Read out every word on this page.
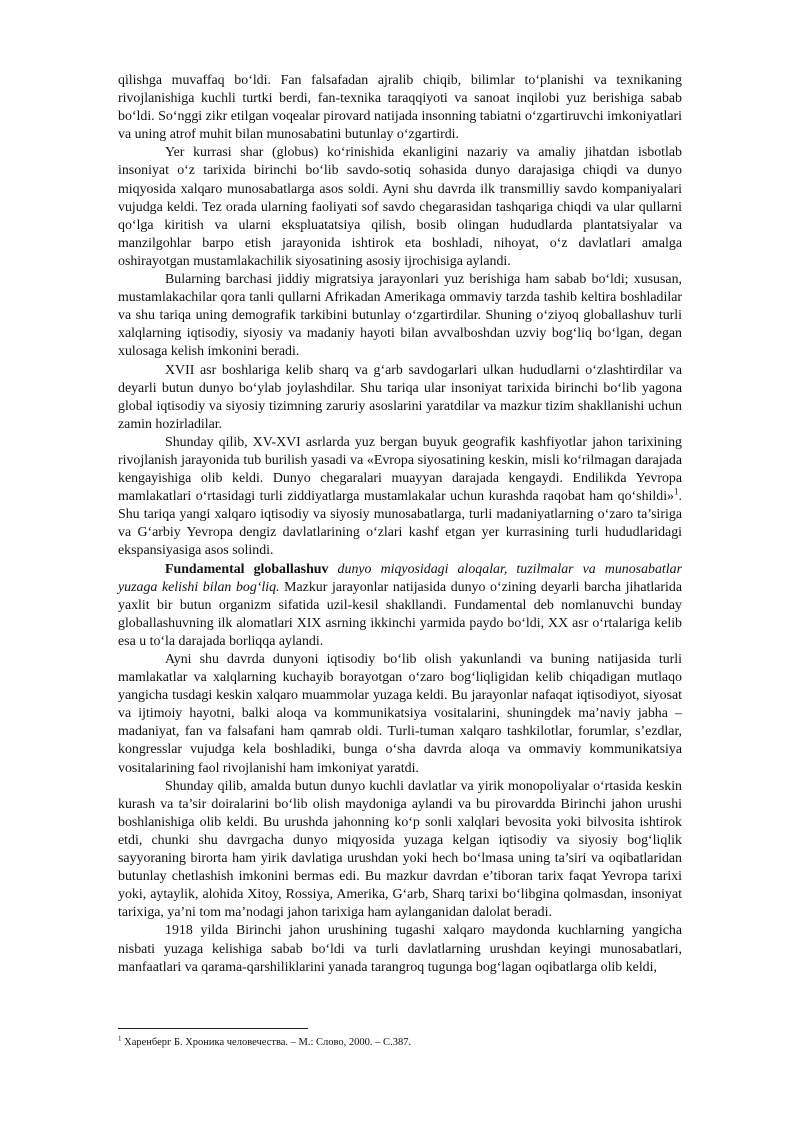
qilishga muvaffaq bo‘ldi. Fan falsafadan ajralib chiqib, bilimlar to‘planishi va texnikaning rivojlanishiga kuchli turtki berdi, fan-texnika taraqqiyoti va sanoat inqilobi yuz berishiga sabab bo‘ldi. So‘nggi zikr etilgan voqealar pirovard natijada insonning tabiatni o‘zgartiruvchi imkoniyatlari va uning atrof muhit bilan munosabatini butunlay o‘zgartirdi.

Yer kurrasi shar (globus) ko‘rinishida ekanligini nazariy va amaliy jihatdan isbotlab insoniyat o‘z tarixida birinchi bo‘lib savdo-sotiq sohasida dunyo darajasiga chiqdi va dunyo miqyosida xalqaro munosabatlarga asos soldi. Ayni shu davrda ilk transmilliy savdo kompaniyalari vujudga keldi. Tez orada ularning faoliyati sof savdo chegarasidan tashqariga chiqdi va ular qullarni qo‘lga kiritish va ularni ekspluatatsiya qilish, bosib olingan hududlarda plantatsiyalar va manzilgohlar barpo etish jarayonida ishtirok eta boshladi, nihoyat, o‘z davlatlari amalga oshirayotgan mustamlakachilik siyosatining asosiy ijrochisiga aylandi.

Bularning barchasi jiddiy migratsiya jarayonlari yuz berishiga ham sabab bo‘ldi; xususan, mustamlakachilar qora tanli qullarni Afrikadan Amerikaga ommaviy tarzda tashib keltira boshladilar va shu tariqa uning demografik tarkibini butunlay o‘zgartirdilar. Shuning o‘ziyoq globallashuv turli xalqlarning iqtisodiy, siyosiy va madaniy hayoti bilan avvalboshdan uzviy bog‘liq bo‘lgan, degan xulosaga kelish imkonini beradi.

XVII asr boshlariga kelib sharq va g‘arb savdogarlari ulkan hududlarni o‘zlashtirdilar va deyarli butun dunyo bo‘ylab joylashdilar. Shu tariqa ular insoniyat tarixida birinchi bo‘lib yagona global iqtisodiy va siyosiy tizimning zaruriy asoslarini yaratdilar va mazkur tizim shakllanishi uchun zamin hozirladilar.

Shunday qilib, XV-XVI asrlarda yuz bergan buyuk geografik kashfiyotlar jahon tarixining rivojlanish jarayonida tub burilish yasadi va «Evropa siyosatining keskin, misli ko‘rilmagan darajada kengayishiga olib keldi. Dunyo chegaralari muayyan darajada kengaydi. Endilikda Yevropa mamlakatlari o‘rtasidagi turli ziddiyatlarga mustamlakalar uchun kurashda raqobat ham qo‘shildi»$^1$. Shu tariqa yangi xalqaro iqtisodiy va siyosiy munosabatlarga, turli madaniyatlarning o‘zaro ta’siriga va G‘arbiy Yevropa dengiz davlatlarining o‘zlari kashf etgan yer kurrasining turli hududlaridagi ekspansiyasiga asos solindi.

Fundamental globallashuv dunyo miqyosidagi aloqalar, tuzilmalar va munosabatlar yuzaga kelishi bilan bog‘liq. Mazkur jarayonlar natijasida dunyo o‘zining deyarli barcha jihatlarida yaxlit bir butun organizm sifatida uzil-kesil shakllandi. Fundamental deb nomlanuvchi bunday globallashuvning ilk alomatlari XIX asrning ikkinchi yarmida paydo bo‘ldi, XX asr o‘rtalariga kelib esa u to‘la darajada borliqqa aylandi.

Ayni shu davrda dunyoni iqtisodiy bo‘lib olish yakunlandi va buning natijasida turli mamlakatlar va xalqlarning kuchayib borayotgan o‘zaro bog‘liqligidan kelib chiqadigan mutlaqo yangicha tusdagi keskin xalqaro muammolar yuzaga keldi. Bu jarayonlar nafaqat iqtisodiyot, siyosat va ijtimoiy hayotni, balki aloqa va kommunikatsiya vositalarini, shuningdek ma’naviy jabha – madaniyat, fan va falsafani ham qamrab oldi. Turli-tuman xalqaro tashkilotlar, forumlar, s’ezdlar, kongresslar vujudga kela boshladiki, bunga o‘sha davrda aloqa va ommaviy kommunikatsiya vositalarining faol rivojlanishi ham imkoniyat yaratdi.

Shunday qilib, amalda butun dunyo kuchli davlatlar va yirik monopoliyalar o‘rtasida keskin kurash va ta’sir doiralarini bo‘lib olish maydoniga aylandi va bu pirovardda Birinchi jahon urushi boshlanishiga olib keldi. Bu urushda jahonning ko‘p sonli xalqlari bevosita yoki bilvosita ishtirok etdi, chunki shu davrgacha dunyo miqyosida yuzaga kelgan iqtisodiy va siyosiy bog‘liqlik sayyoraning birorta ham yirik davlatiga urushdan yoki hech bo‘lmasa uning ta’siri va oqibatlaridan butunlay chetlashish imkonini bermas edi. Bu mazkur davrdan e’tiboran tarix faqat Yevropa tarixi yoki, aytaylik, alohida Xitoy, Rossiya, Amerika, G‘arb, Sharq tarixi bo‘libgina qolmasdan, insoniyat tarixiga, ya’ni tom ma’nodagi jahon tarixiga ham aylanganidan dalolat beradi.

1918 yilda Birinchi jahon urushining tugashi xalqaro maydonda kuchlarning yangicha nisbati yuzaga kelishiga sabab bo‘ldi va turli davlatlarning urushdan keyingi munosabatlari, manfaatlari va qarama-qarshiliklarini yanada tarangroq tugunga bog‘lagan oqibatlarga olib keldi,

$^1$ Харенберг Б. Хроника человечества. – М.: Слово, 2000. – С.387.
